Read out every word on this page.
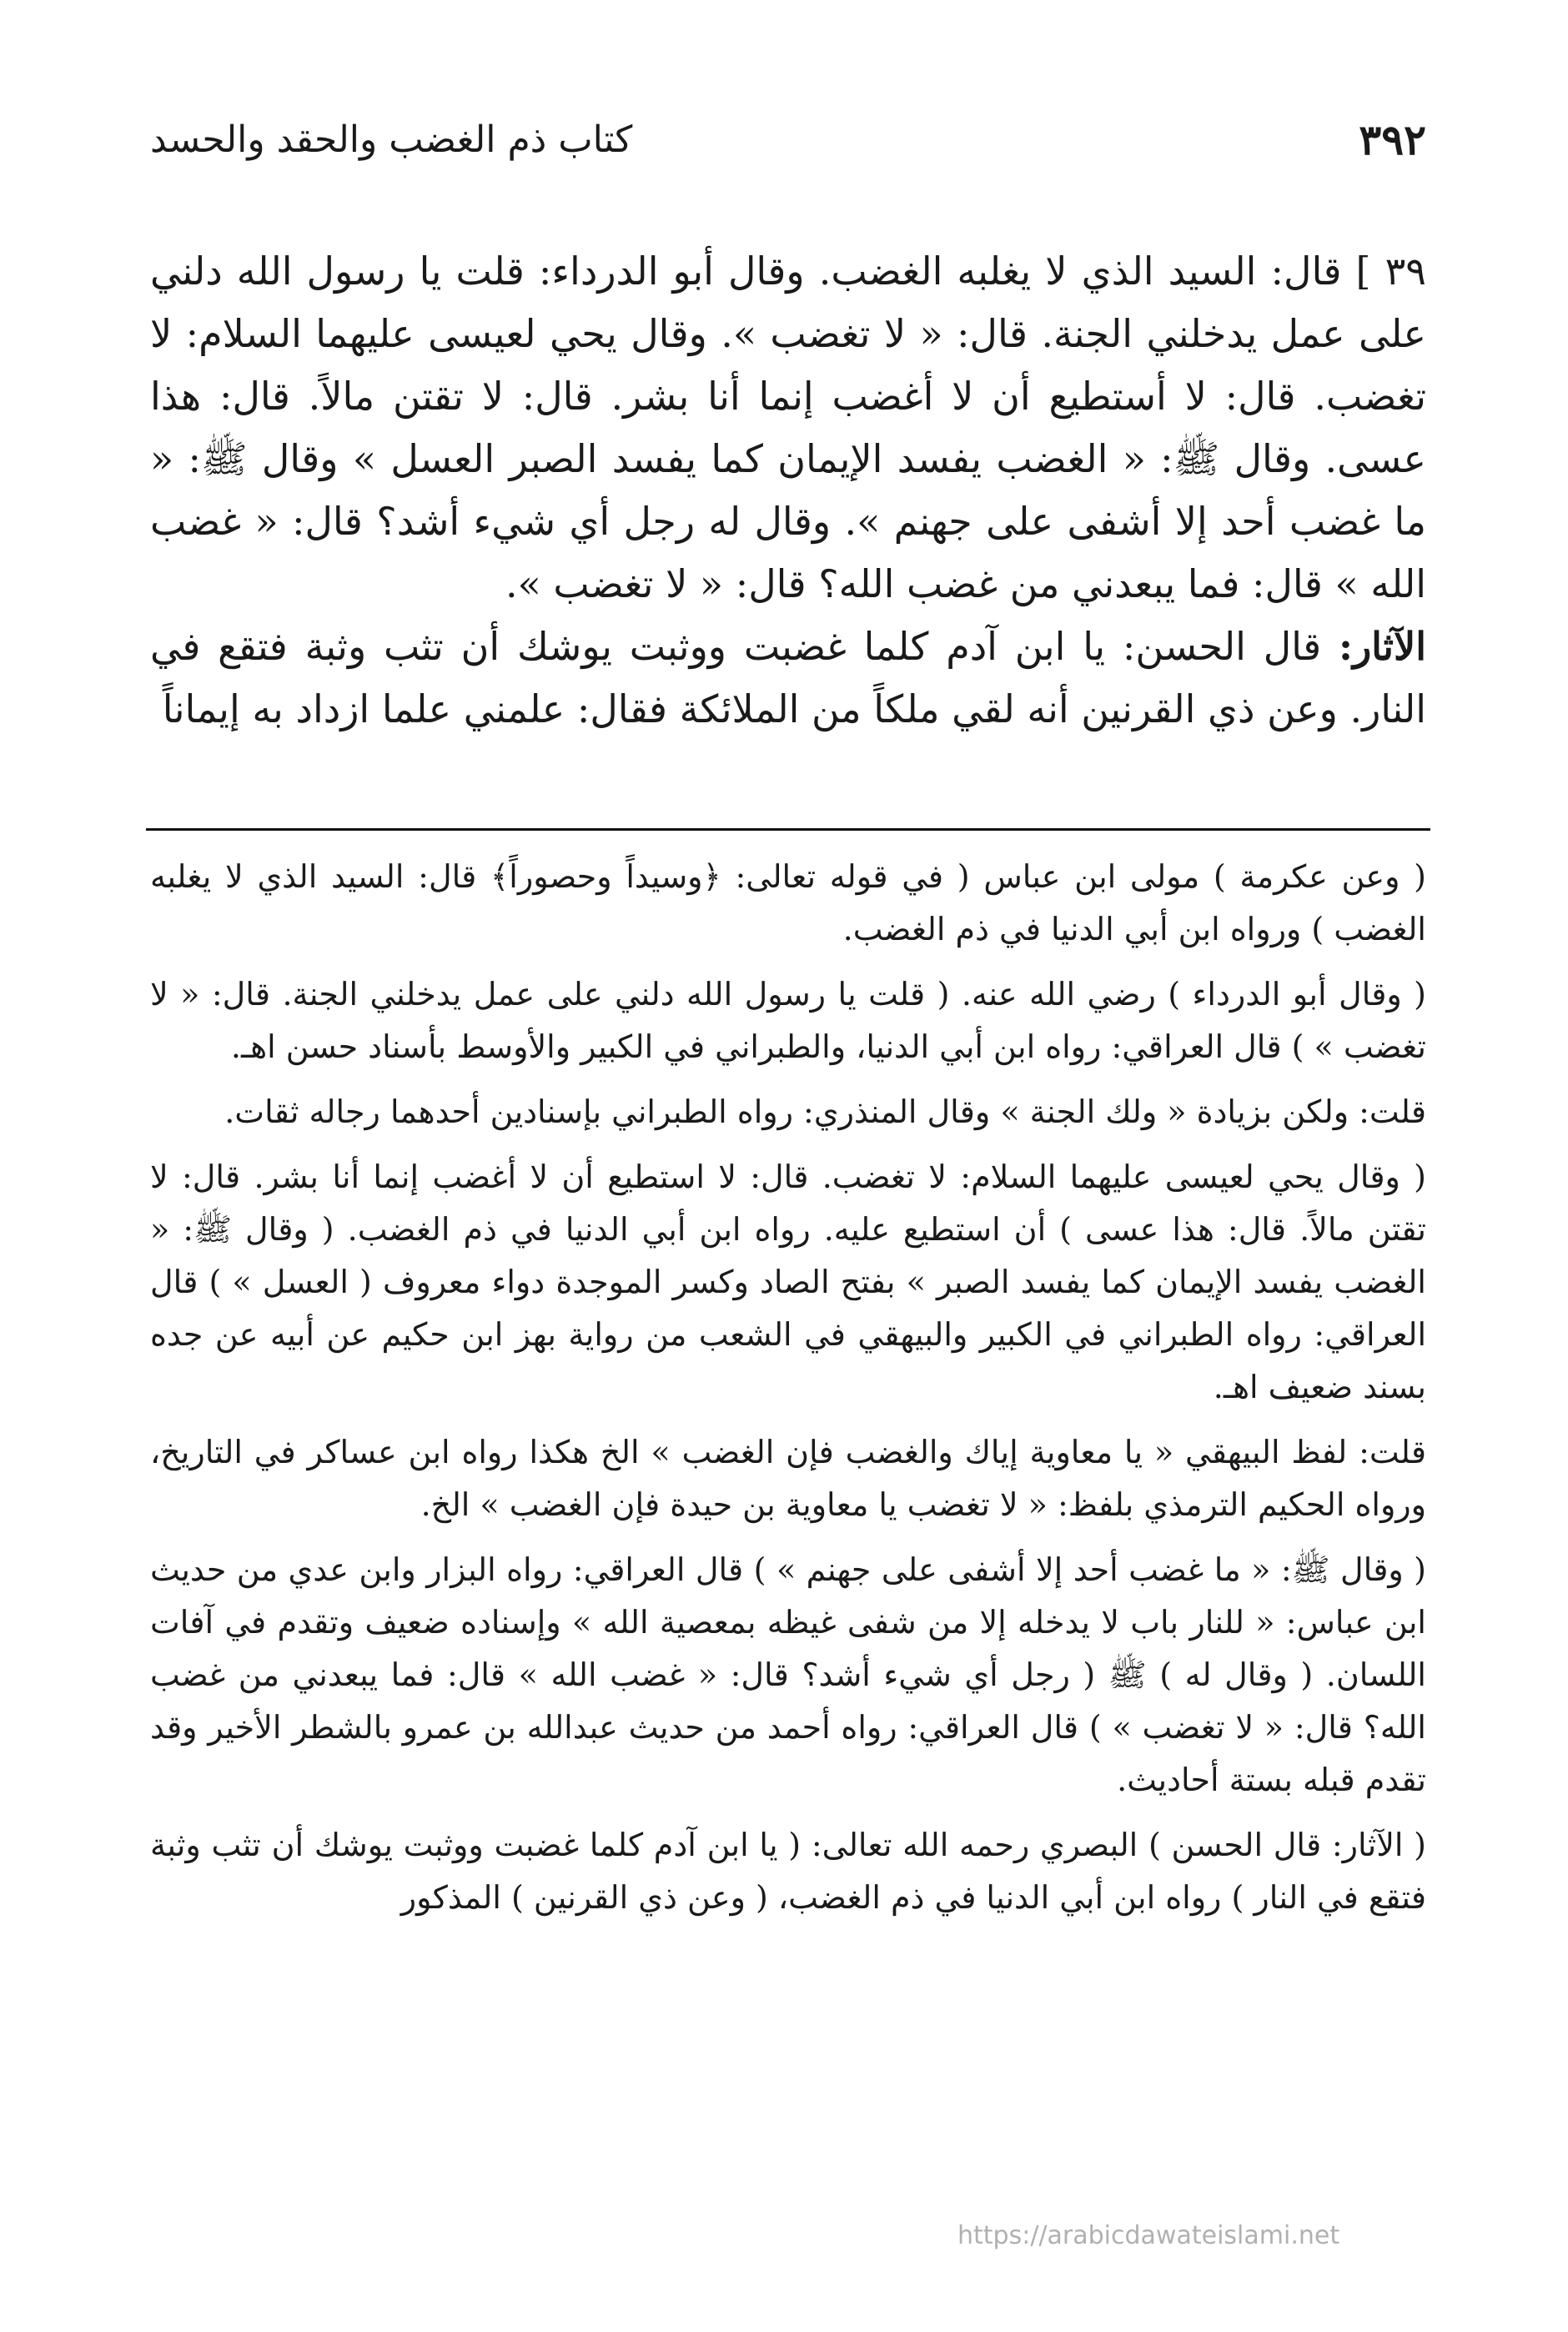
٣٩٢
كتاب ذم الغضب والحقد والحسد

٣٩ ] قال: السيد الذي لا يغلبه الغضب. وقال أبو الدرداء: قلت يا رسول الله دلني على عمل يدخلني الجنة. قال: « لا تغضب ». وقال يحي لعيسى عليهما السلام: لا تغضب. قال: لا أستطيع أن لا أغضب إنما أنا بشر. قال: لا تقتن مالاً. قال: هذا عسى. وقال ﷺ: « الغضب يفسد الإيمان كما يفسد الصبر العسل » وقال ﷺ: « ما غضب أحد إلا أشفى على جهنم ». وقال له رجل أي شيء أشد؟ قال: « غضب الله » قال: فما يبعدني من غضب الله؟ قال: « لا تغضب ».

الآثار: قال الحسن: يا ابن آدم كلما غضبت ووثبت يوشك أن تثب وثبة فتقع في النار. وعن ذي القرنين أنه لقي ملكاً من الملائكة فقال: علمني علما ازداد به إيماناً

( وعن عكرمة ) مولى ابن عباس ( في قوله تعالى: ﴿وسيداً وحصوراً﴾ قال: السيد الذي لا يغلبه الغضب ) ورواه ابن أبي الدنيا في ذم الغضب.

( وقال أبو الدرداء ) رضي الله عنه. ( قلت يا رسول الله دلني على عمل يدخلني الجنة. قال: « لا تغضب » ) قال العراقي: رواه ابن أبي الدنيا، والطبراني في الكبير والأوسط بأسناد حسن اهـ.

قلت: ولكن بزيادة « ولك الجنة » وقال المنذري: رواه الطبراني بإسنادين أحدهما رجاله ثقات.

( وقال يحي لعيسى عليهما السلام: لا تغضب. قال: لا استطيع أن لا أغضب إنما أنا بشر. قال: لا تقتن مالاً. قال: هذا عسى ) أن استطيع عليه. رواه ابن أبي الدنيا في ذم الغضب. ( وقال ﷺ: « الغضب يفسد الإيمان كما يفسد الصبر » بفتح الصاد وكسر الموجدة دواء معروف ( العسل » ) قال العراقي: رواه الطبراني في الكبير والبيهقي في الشعب من رواية بهز ابن حكيم عن أبيه عن جده بسند ضعيف اهـ.

قلت: لفظ البيهقي « يا معاوية إياك والغضب فإن الغضب » الخ هكذا رواه ابن عساكر في التاريخ، ورواه الحكيم الترمذي بلفظ: « لا تغضب يا معاوية بن حيدة فإن الغضب » الخ.

( وقال ﷺ: « ما غضب أحد إلا أشفى على جهنم » ) قال العراقي: رواه البزار وابن عدي من حديث ابن عباس: « للنار باب لا يدخله إلا من شفى غيظه بمعصية الله » وإسناده ضعيف وتقدم في آفات اللسان. ( وقال له ) ﷺ ( رجل أي شيء أشد؟ قال: « غضب الله » قال: فما يبعدني من غضب الله؟ قال: « لا تغضب » ) قال العراقي: رواه أحمد من حديث عبدالله بن عمرو بالشطر الأخير وقد تقدم قبله بستة أحاديث.

( الآثار: قال الحسن ) البصري رحمه الله تعالى: ( يا ابن آدم كلما غضبت ووثبت يوشك أن تثب وثبة فتقع في النار ) رواه ابن أبي الدنيا في ذم الغضب، ( وعن ذي القرنين ) المذكور

https://arabicdawateislami.net
